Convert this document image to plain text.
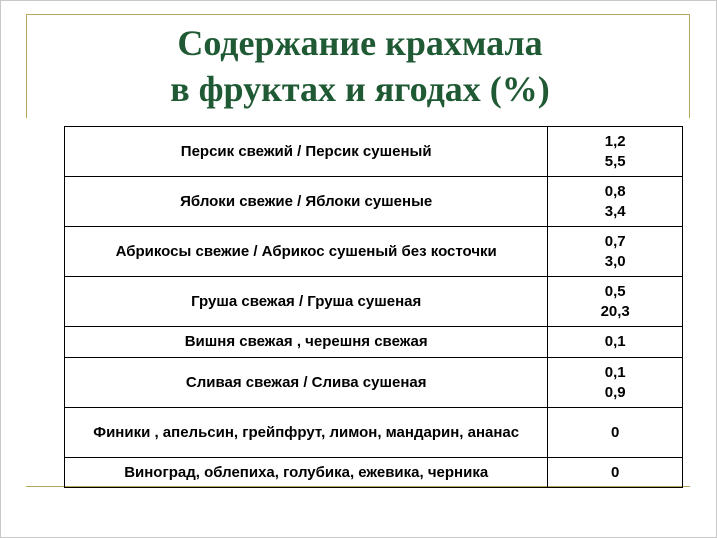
Содержание крахмала
в фруктах и ягодах (%)
Персик свежий / Персик сушеный	1,2
5,5

Яблоки свежие / Яблоки сушеные	0,8
3,4

Абрикосы свежие / Абрикос сушеный без косточки	0,7
3,0

Груша свежая / Груша сушеная	0,5
20,3

Вишня свежая , черешня свежая	0,1

Сливая свежая / Слива сушеная	0,1
0,9

Финики , апельсин, грейпфрут, лимон, мандарин, ананас	0

Виноград, облепиха, голубика, ежевика, черника	0
